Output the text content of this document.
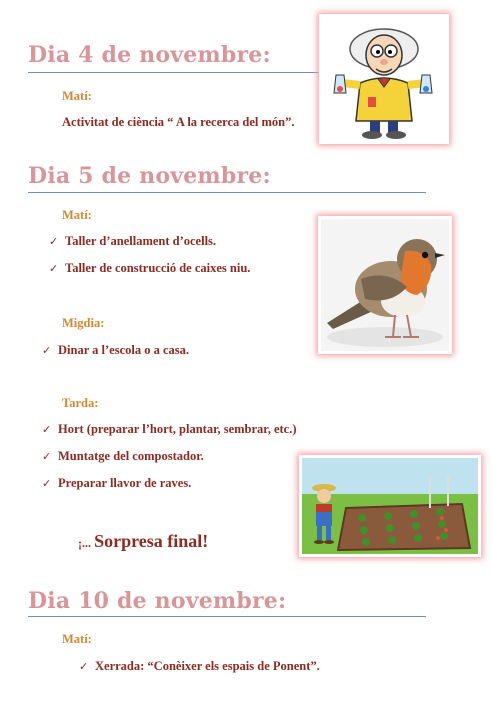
Dia 4 de novembre:
Matí:
Activitat de ciència “ A la recerca del món”.
Dia 5 de novembre:
Matí:
✓ Taller d’anellament d’ocells.
✓ Taller de construcció de caixes niu.
Migdia:
✓ Dinar a l’escola o a casa.
Tarda:
✓ Hort (preparar l’hort, plantar, sembrar, etc.)
✓ Muntatge del compostador.
✓ Preparar llavor de raves.
¡... Sorpresa final!
Dia 10 de novembre:
Matí:
✓ Xerrada: “Conèixer els espais de Ponent”.
